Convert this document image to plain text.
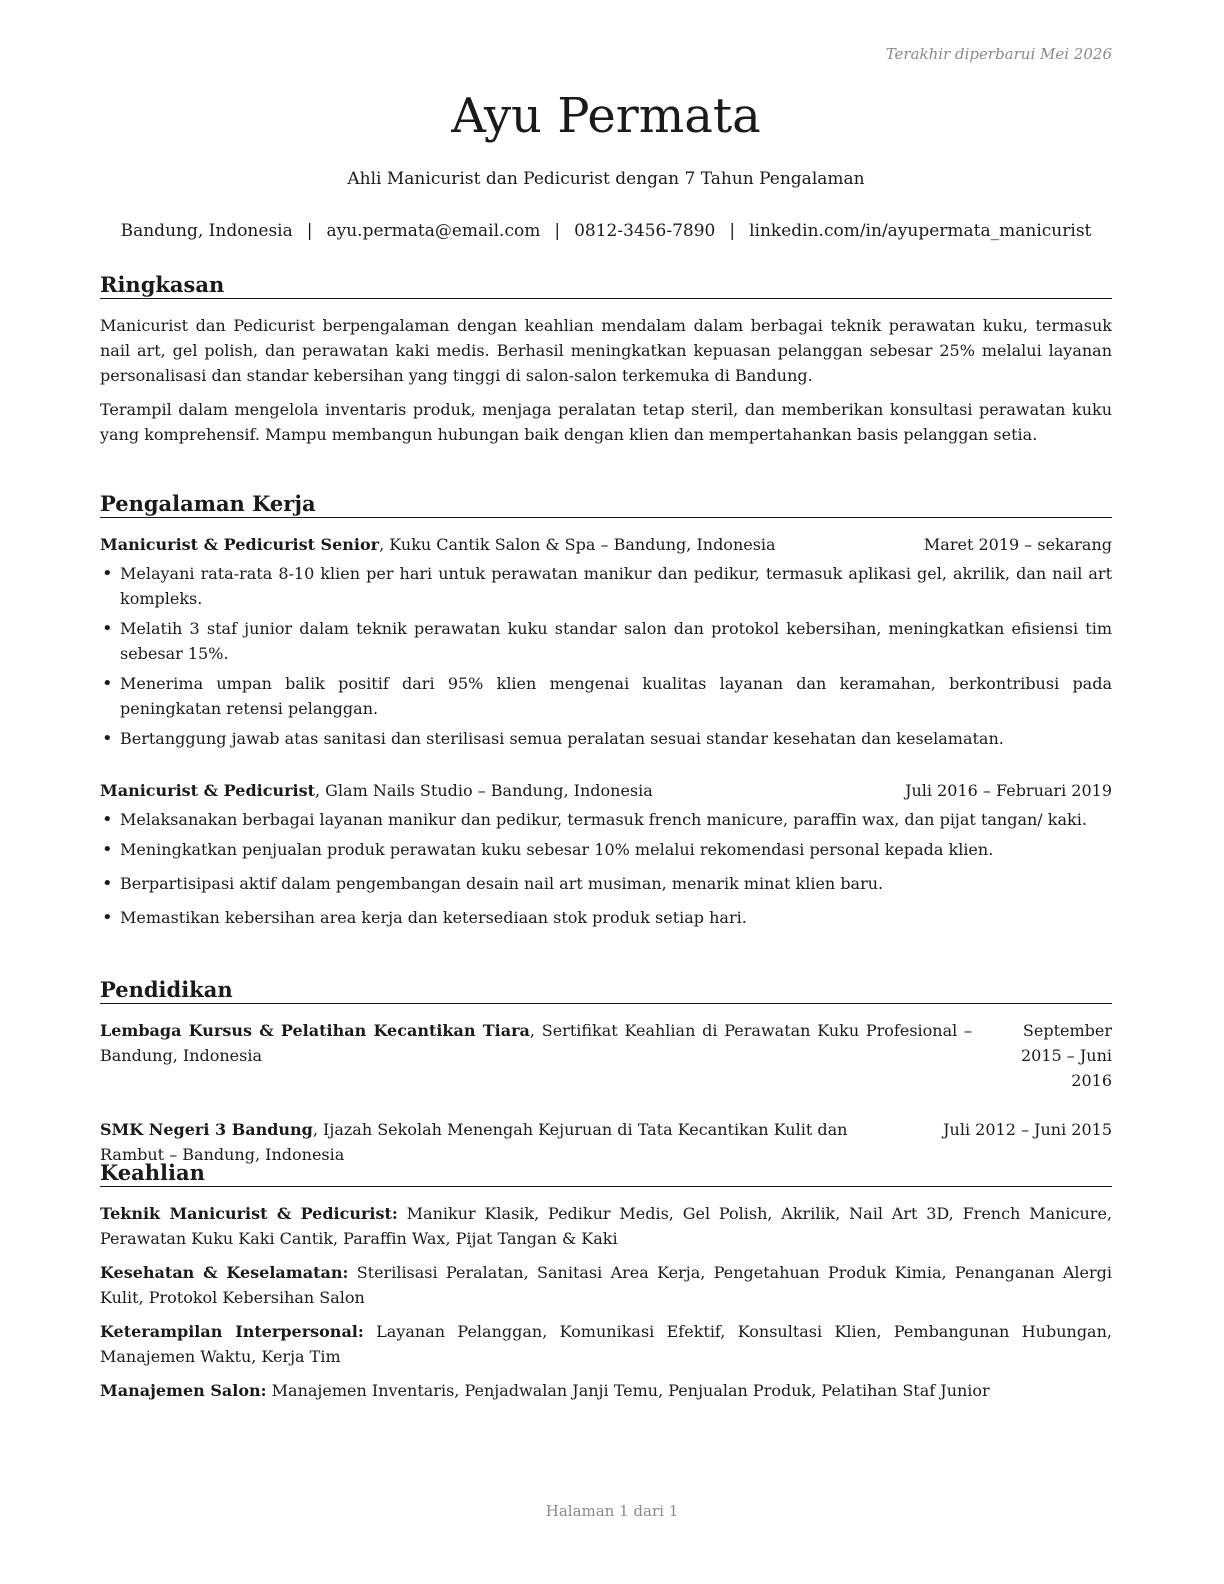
Terakhir diperbarui Mei 2026
Ayu Permata
Ahli Manicurist dan Pedicurist dengan 7 Tahun Pengalaman
Bandung, Indonesia | ayu.permata@email.com | 0812-3456-7890 | linkedin.com/in/ayupermata_manicurist
Ringkasan

Manicurist dan Pedicurist berpengalaman dengan keahlian mendalam dalam berbagai teknik perawatan kuku, termasuk nail art, gel polish, dan perawatan kaki medis. Berhasil meningkatkan kepuasan pelanggan sebesar 25% melalui layanan personalisasi dan standar kebersihan yang tinggi di salon-salon terkemuka di Bandung.

Terampil dalam mengelola inventaris produk, menjaga peralatan tetap steril, dan memberikan konsultasi perawatan kuku yang komprehensif. Mampu membangun hubungan baik dengan klien dan mempertahankan basis pelanggan setia.

Pengalaman Kerja
Manicurist & Pedicurist Senior, Kuku Cantik Salon & Spa – Bandung, Indonesia	Maret 2019 – sekarang
• Melayani rata-rata 8-10 klien per hari untuk perawatan manikur dan pedikur, termasuk aplikasi gel, akrilik, dan nail art kompleks.
• Melatih 3 staf junior dalam teknik perawatan kuku standar salon dan protokol kebersihan, meningkatkan efisiensi tim sebesar 15%.
• Menerima umpan balik positif dari 95% klien mengenai kualitas layanan dan keramahan, berkontribusi pada peningkatan retensi pelanggan.
• Bertanggung jawab atas sanitasi dan sterilisasi semua peralatan sesuai standar kesehatan dan keselamatan.
Manicurist & Pedicurist, Glam Nails Studio – Bandung, Indonesia	Juli 2016 – Februari 2019
• Melaksanakan berbagai layanan manikur dan pedikur, termasuk french manicure, paraffin wax, dan pijat tangan/ kaki.
• Meningkatkan penjualan produk perawatan kuku sebesar 10% melalui rekomendasi personal kepada klien.
• Berpartisipasi aktif dalam pengembangan desain nail art musiman, menarik minat klien baru.
• Memastikan kebersihan area kerja dan ketersediaan stok produk setiap hari.
Pendidikan
Lembaga Kursus & Pelatihan Kecantikan Tiara, Sertifikat Keahlian di Perawatan Kuku Profesional – Bandung, Indonesia
September 2015 – Juni 2016
SMK Negeri 3 Bandung, Ijazah Sekolah Menengah Kejuruan di Tata Kecantikan Kulit dan Rambut – Bandung, Indonesia
Juli 2012 – Juni 2015
Keahlian

Teknik Manicurist & Pedicurist: Manikur Klasik, Pedikur Medis, Gel Polish, Akrilik, Nail Art 3D, French Manicure, Perawatan Kuku Kaki Cantik, Paraffin Wax, Pijat Tangan & Kaki

Kesehatan & Keselamatan: Sterilisasi Peralatan, Sanitasi Area Kerja, Pengetahuan Produk Kimia, Penanganan Alergi Kulit, Protokol Kebersihan Salon

Keterampilan Interpersonal: Layanan Pelanggan, Komunikasi Efektif, Konsultasi Klien, Pembangunan Hubungan, Manajemen Waktu, Kerja Tim

Manajemen Salon: Manajemen Inventaris, Penjadwalan Janji Temu, Penjualan Produk, Pelatihan Staf Junior

Halaman 1 dari 1
